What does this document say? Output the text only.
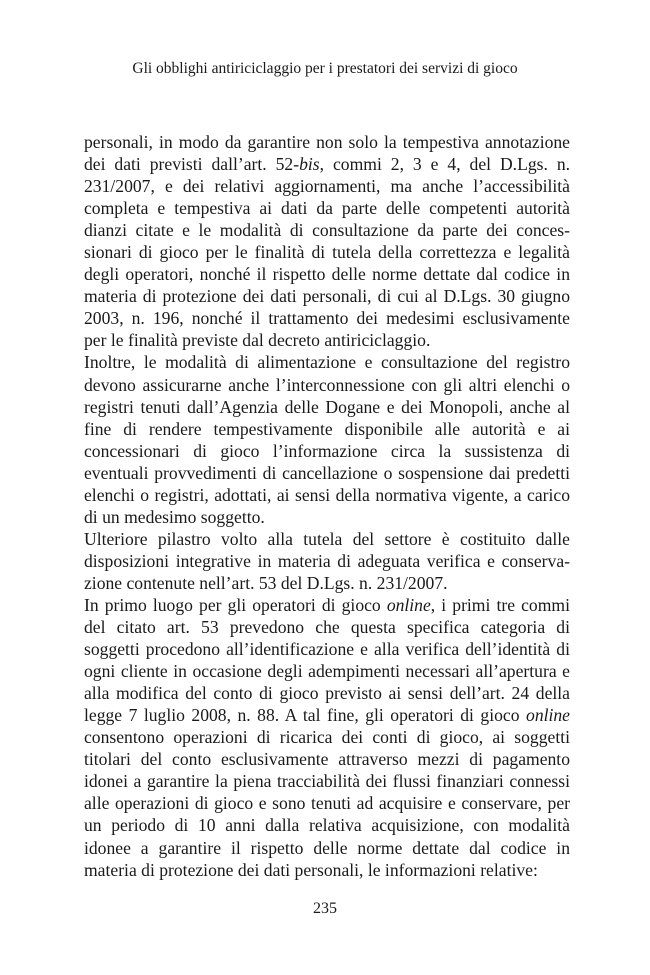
Gli obblighi antiriciclaggio per i prestatori dei servizi di gioco
personali, in modo da garantire non solo la tempestiva annotazione
dei dati previsti dall’art. 52-bis, commi 2, 3 e 4, del D.Lgs. n.
231/2007, e dei relativi aggiornamenti, ma anche l’accessibilità
completa e tempestiva ai dati da parte delle competenti autorità
dianzi citate e le modalità di consultazione da parte dei conces-
sionari di gioco per le finalità di tutela della correttezza e legalità
degli operatori, nonché il rispetto delle norme dettate dal codice in
materia di protezione dei dati personali, di cui al D.Lgs. 30 giugno
2003, n. 196, nonché il trattamento dei medesimi esclusivamente
per le finalità previste dal decreto antiriciclaggio.
Inoltre, le modalità di alimentazione e consultazione del registro
devono assicurarne anche l’interconnessione con gli altri elenchi o
registri tenuti dall’Agenzia delle Dogane e dei Monopoli, anche al
fine di rendere tempestivamente disponibile alle autorità e ai
concessionari di gioco l’informazione circa la sussistenza di
eventuali provvedimenti di cancellazione o sospensione dai predetti
elenchi o registri, adottati, ai sensi della normativa vigente, a carico
di un medesimo soggetto.
Ulteriore pilastro volto alla tutela del settore è costituito dalle
disposizioni integrative in materia di adeguata verifica e conserva-
zione contenute nell’art. 53 del D.Lgs. n. 231/2007.
In primo luogo per gli operatori di gioco online, i primi tre commi
del citato art. 53 prevedono che questa specifica categoria di
soggetti procedono all’identificazione e alla verifica dell’identità di
ogni cliente in occasione degli adempimenti necessari all’apertura e
alla modifica del conto di gioco previsto ai sensi dell’art. 24 della
legge 7 luglio 2008, n. 88. A tal fine, gli operatori di gioco online
consentono operazioni di ricarica dei conti di gioco, ai soggetti
titolari del conto esclusivamente attraverso mezzi di pagamento
idonei a garantire la piena tracciabilità dei flussi finanziari connessi
alle operazioni di gioco e sono tenuti ad acquisire e conservare, per
un periodo di 10 anni dalla relativa acquisizione, con modalità
idonee a garantire il rispetto delle norme dettate dal codice in
materia di protezione dei dati personali, le informazioni relative:
235
